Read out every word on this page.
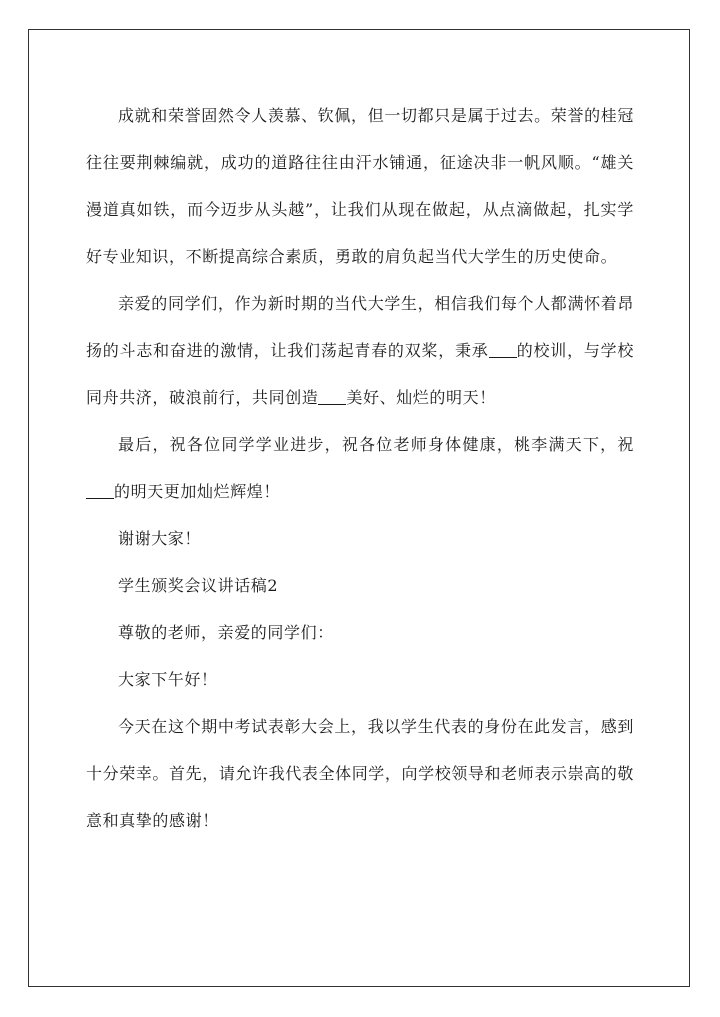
成就和荣誉固然令人羡慕、钦佩，但一切都只是属于过去。荣誉的桂冠往往要荆棘编就，成功的道路往往由汗水铺通，征途决非一帆风顺。“雄关漫道真如铁，而今迈步从头越”，让我们从现在做起，从点滴做起，扎实学好专业知识，不断提高综合素质，勇敢的肩负起当代大学生的历史使命。

亲爱的同学们，作为新时期的当代大学生，相信我们每个人都满怀着昂扬的斗志和奋进的激情，让我们荡起青春的双桨，秉承 的校训，与学校同舟共济，破浪前行，共同创造 美好、灿烂的明天！

最后，祝各位同学学业进步，祝各位老师身体健康，桃李满天下，祝的明天更加灿烂辉煌！

谢谢大家！

学生颁奖会议讲话稿2

尊敬的老师，亲爱的同学们：

大家下午好！

今天在这个期中考试表彰大会上，我以学生代表的身份在此发言，感到十分荣幸。首先，请允许我代表全体同学，向学校领导和老师表示崇高的敬意和真挚的感谢！
